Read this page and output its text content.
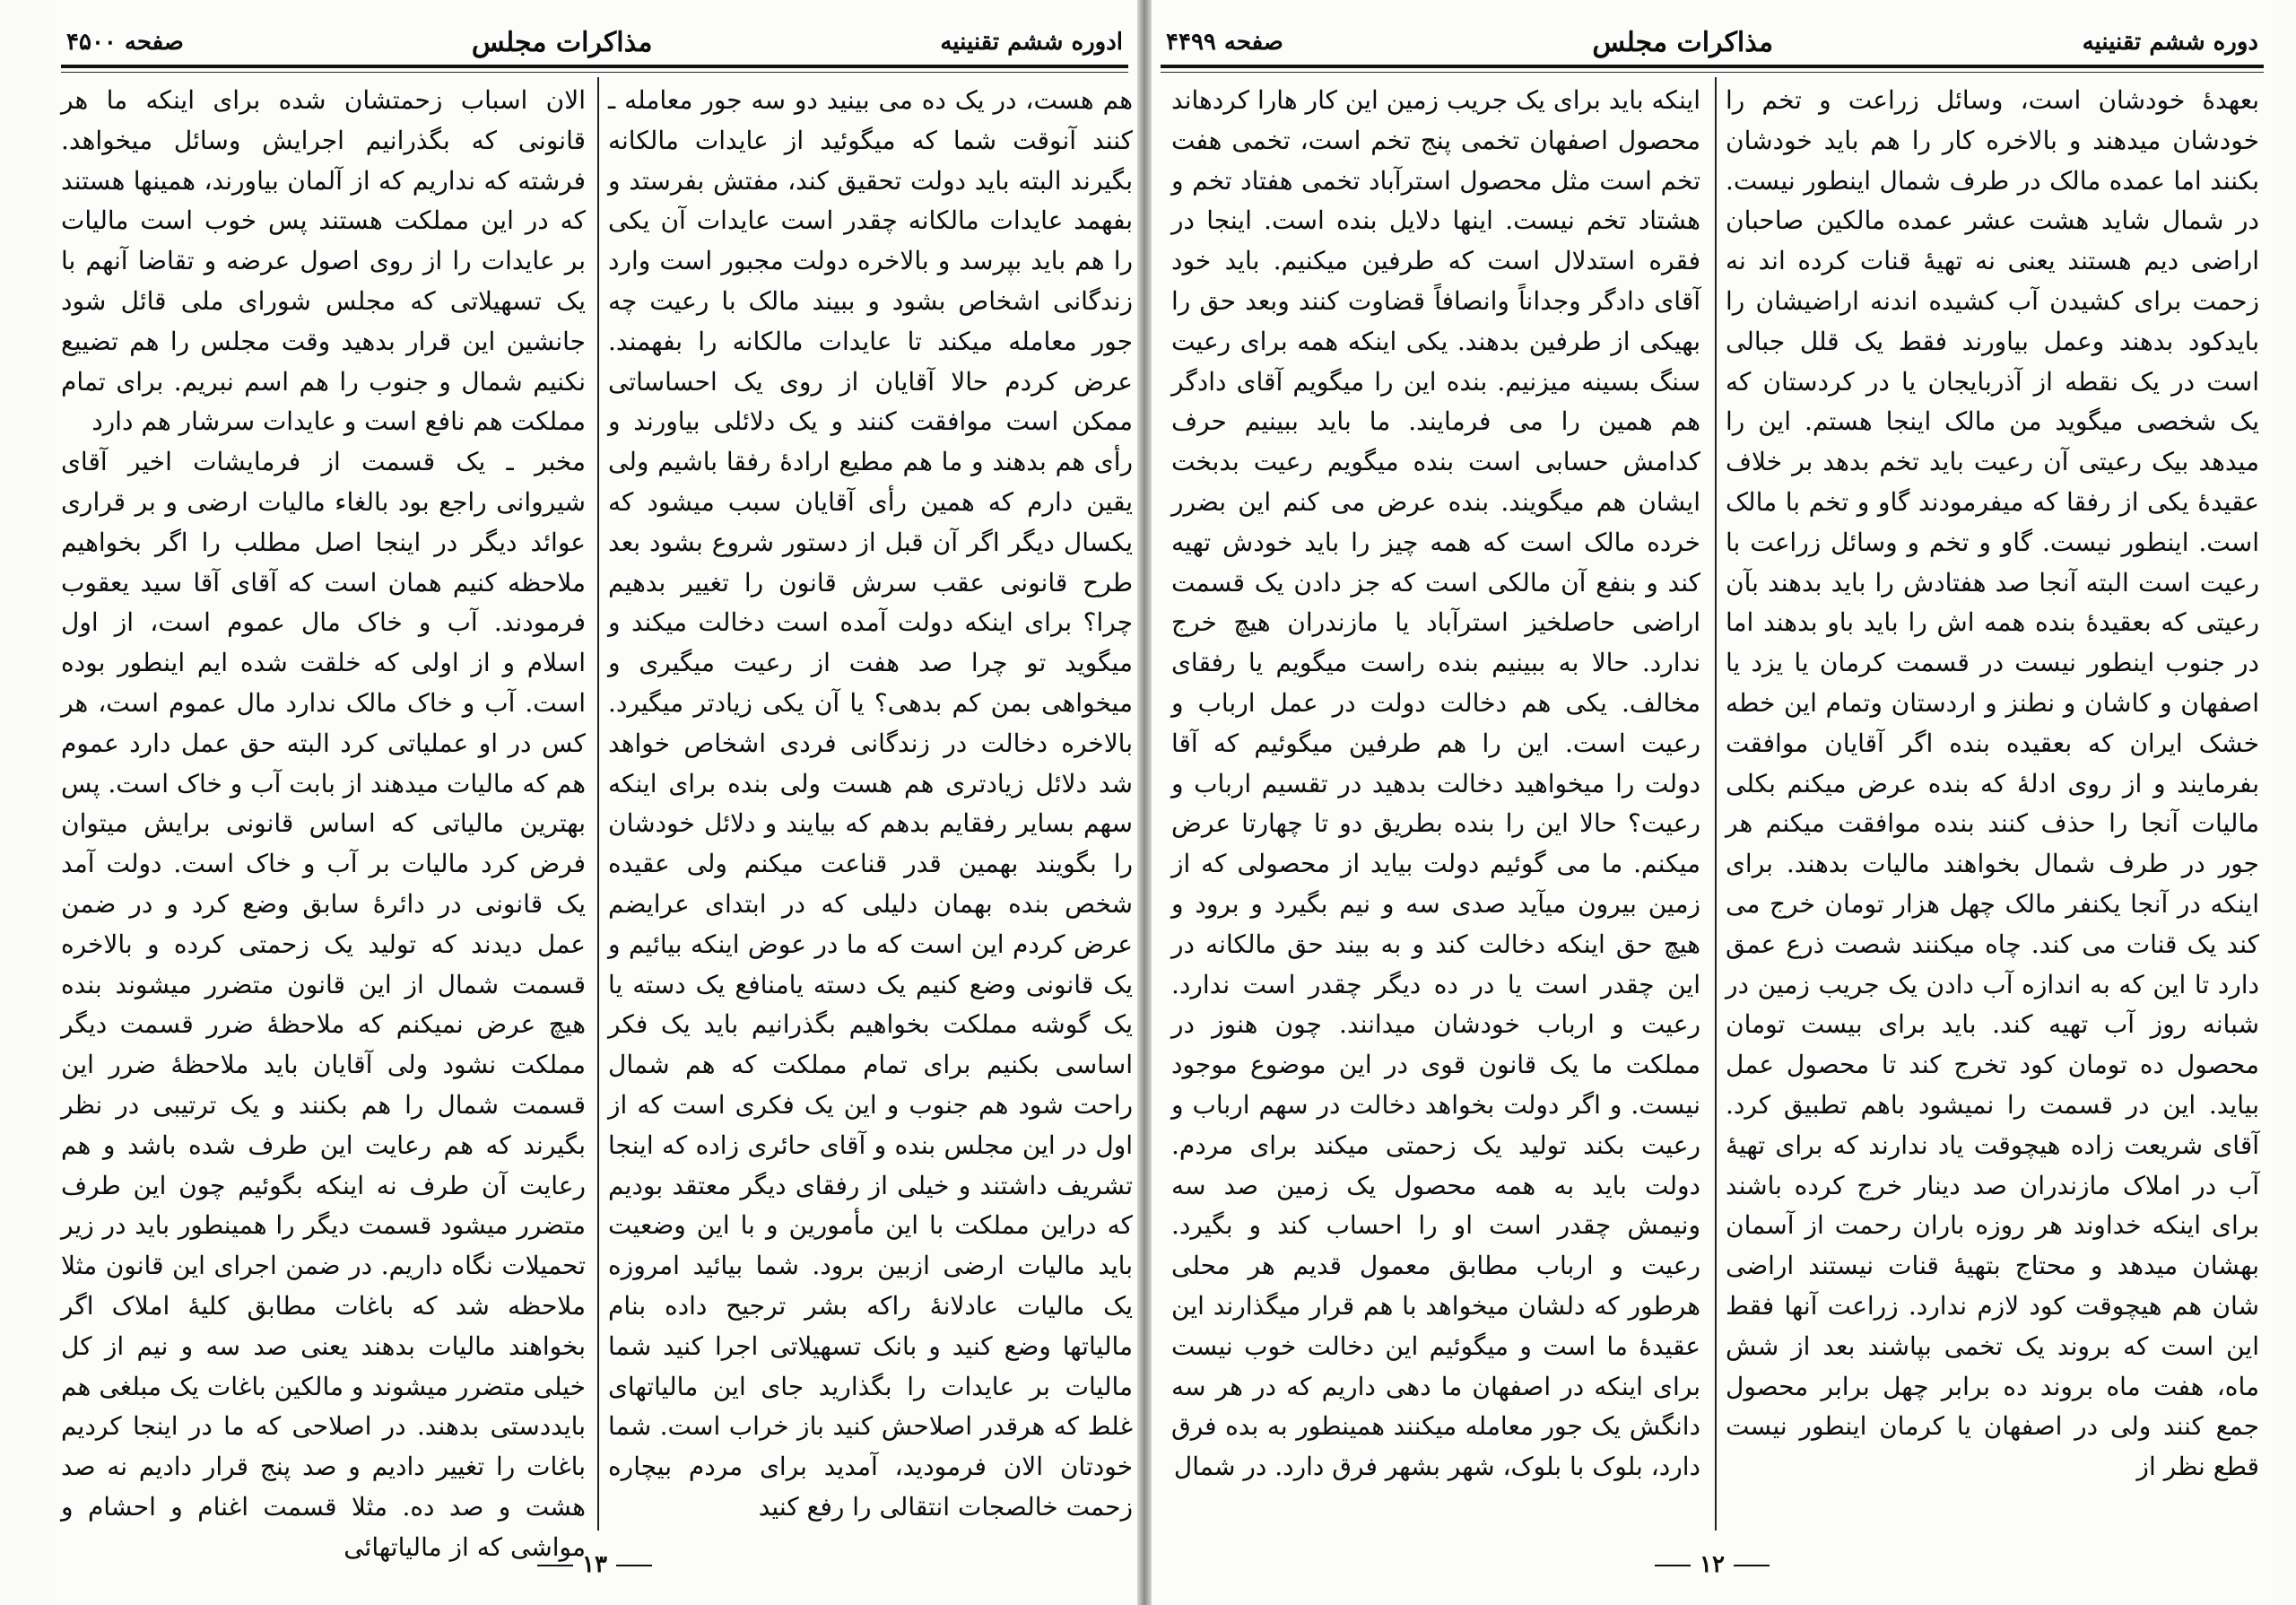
ادوره ششم تقنینیه
مذاکرات مجلس
صفحه ۴۵۰۰

هم هست، در یک ده می بینید دو سه جور معامله ـ کنند آنوقت شما که میگوئید از عایدات مالکانه بگیرند البته باید دولت تحقیق کند، مفتش بفرستد و بفهمد عایدات مالکانه چقدر است عایدات آن یکی را هم باید بپرسد و بالاخره دولت مجبور است وارد زندگانی اشخاص بشود و ببیند مالک با رعیت چه جور معامله میکند تا عایدات مالکانه را بفهمند. عرض کردم حالا آقایان از روی یک احساساتی ممکن است موافقت کنند و یک دلائلی بیاورند و رأی هم بدهند و ما هم مطیع ارادهٔ رفقا باشیم ولی یقین دارم که همین رأی آقایان سبب میشود که یکسال دیگر اگر آن قبل از دستور شروع بشود بعد طرح قانونی عقب سرش قانون را تغییر بدهیم چرا؟ برای اینکه دولت آمده است دخالت میکند و میگوید تو چرا صد هفت از رعیت میگیری و میخواهی بمن کم بدهی؟ یا آن یکی زیادتر میگیرد. بالاخره دخالت در زندگانی فردی اشخاص خواهد شد دلائل زیادتری هم هست ولی بنده برای اینکه سهم بسایر رفقایم بدهم که بیایند و دلائل خودشان را بگویند بهمین قدر قناعت میکنم ولی عقیده شخص بنده بهمان دلیلی که در ابتدای عرایضم عرض کردم این است که ما در عوض اینکه بیائیم و یک قانونی وضع کنیم یک دسته یامنافع یک دسته یا یک گوشه مملکت بخواهیم بگذرانیم باید یک فکر اساسی بکنیم برای تمام مملکت که هم شمال راحت شود هم جنوب و این یک فکری است که از اول در این مجلس بنده و آقای حائری زاده که اینجا تشریف داشتند و خیلی از رفقای دیگر معتقد بودیم که دراین مملکت با این مأمورین و با این وضعیت باید مالیات ارضی ازبین برود. شما بیائید امروزه یک مالیات عادلانهٔ راکه بشر ترجیح داده بنام مالیاتها وضع کنید و بانک تسهیلاتی اجرا کنید شما مالیات بر عایدات را بگذارید جای این مالیاتهای غلط که هرقدر اصلاحش کنید باز خراب است. شما خودتان الان فرمودید، آمدید برای مردم بیچاره زحمت خالصجات انتقالی را رفع کنید

الان اسباب زحمتشان شده برای اینکه ما هر قانونی که بگذرانیم اجرایش وسائل میخواهد. فرشته که نداریم که از آلمان بیاورند، همینها هستند که در این مملکت هستند پس خوب است مالیات بر عایدات را از روی اصول عرضه و تقاضا آنهم با یک تسهیلاتی که مجلس شورای ملی قائل شود جانشین این قرار بدهید وقت مجلس را هم تضییع نکنیم شمال و جنوب را هم اسم نبریم. برای تمام مملکت هم نافع است و عایدات سرشار هم دارد
مخبر ـ یک قسمت از فرمایشات اخیر آقای شیروانی راجع بود بالغاء مالیات ارضی و بر قراری عوائد دیگر در اینجا اصل مطلب را اگر بخواهیم ملاحظه کنیم همان است که آقای آقا سید یعقوب فرمودند. آب و خاک مال عموم است، از اول اسلام و از اولی که خلقت شده ایم اینطور بوده است. آب و خاک مالک ندارد مال عموم است، هر کس در او عملیاتی کرد البته حق عمل دارد عموم هم که مالیات میدهند از بابت آب و خاک است. پس بهترین مالیاتی که اساس قانونی برایش میتوان فرض کرد مالیات بر آب و خاک است. دولت آمد یک قانونی در دائرهٔ سابق وضع کرد و در ضمن عمل دیدند که تولید یک زحمتی کرده و بالاخره قسمت شمال از این قانون متضرر میشوند بنده هیچ عرض نمیکنم که ملاحظهٔ ضرر قسمت دیگر مملکت نشود ولی آقایان باید ملاحظهٔ ضرر این قسمت شمال را هم بکنند و یک ترتیبی در نظر بگیرند که هم رعایت این طرف شده باشد و هم رعایت آن طرف نه اینکه بگوئیم چون این طرف متضرر میشود قسمت دیگر را همینطور باید در زیر تحمیلات نگاه داریم. در ضمن اجرای این قانون مثلا ملاحظه شد که باغات مطابق کلیهٔ املاک اگر بخواهند مالیات بدهند یعنی صد سه و نیم از کل خیلی متضرر میشوند و مالکین باغات یک مبلغی هم بایددستی بدهند. در اصلاحی که ما در اینجا کردیم باغات را تغییر دادیم و صد پنج قرار دادیم نه صد هشت و صد ده. مثلا قسمت اغنام و احشام و مواشی که از مالیاتهائی

۱۳
دوره ششم تقنینیه
مذاکرات مجلس
صفحه ۴۴۹۹

بعهدهٔ خودشان است، وسائل زراعت و تخم را خودشان میدهند و بالاخره کار را هم باید خودشان بکنند اما عمده مالک در طرف شمال اینطور نیست. در شمال شاید هشت عشر عمده مالکین صاحبان اراضی دیم هستند یعنی نه تهیهٔ قنات کرده اند نه زحمت برای کشیدن آب کشیده اندنه اراضیشان را بایدکود بدهند وعمل بیاورند فقط یک قلل جبالی است در یک نقطه از آذربایجان یا در کردستان که یک شخصی میگوید من مالک اینجا هستم. این را میدهد بیک رعیتی آن رعیت باید تخم بدهد بر خلاف عقیدهٔ یکی از رفقا که میفرمودند گاو و تخم با مالک است. اینطور نیست. گاو و تخم و وسائل زراعت با رعیت است البته آنجا صد هفتادش را باید بدهند بآن رعیتی که بعقیدهٔ بنده همه اش را باید باو بدهند اما در جنوب اینطور نیست در قسمت کرمان یا یزد یا اصفهان و کاشان و نطنز و اردستان وتمام این خطه خشک ایران که بعقیده بنده اگر آقایان موافقت بفرمایند و از روی ادلهٔ که بنده عرض میکنم بکلی مالیات آنجا را حذف کنند بنده موافقت میکنم هر جور در طرف شمال بخواهند مالیات بدهند. برای اینکه در آنجا یکنفر مالک چهل هزار تومان خرج می کند یک قنات می کند. چاه میکنند شصت ذرع عمق دارد تا این که به اندازه آب دادن یک جریب زمین در شبانه روز آب تهیه کند. باید برای بیست تومان محصول ده تومان کود تخرج کند تا محصول عمل بیاید. این در قسمت را نمیشود باهم تطبیق کرد. آقای شریعت زاده هیچوقت یاد ندارند که برای تهیهٔ آب در املاک مازندران صد دینار خرج کرده باشند برای اینکه خداوند هر روزه باران رحمت از آسمان بهشان میدهد و محتاج بتهیهٔ قنات نیستند اراضی شان هم هیچوقت کود لازم ندارد. زراعت آنها فقط این است که بروند یک تخمی بپاشند بعد از شش ماه، هفت ماه بروند ده برابر چهل برابر محصول جمع کنند ولی در اصفهان یا کرمان اینطور نیست قطع نظر از

اینکه باید برای یک جریب زمین این کار هارا کردهاند محصول اصفهان تخمی پنج تخم است، تخمی هفت تخم است مثل محصول استرآباد تخمی هفتاد تخم و هشتاد تخم نیست. اینها دلایل بنده است. اینجا در فقره استدلال است که طرفین میکنیم. باید خود آقای دادگر وجداناً وانصافاً قضاوت کنند وبعد حق را بهیکی از طرفین بدهند. یکی اینکه همه برای رعیت سنگ بسینه میزنیم. بنده این را میگویم آقای دادگر هم همین را می فرمایند. ما باید ببینیم حرف کدامش حسابی است بنده میگویم رعیت بدبخت ایشان هم میگویند. بنده عرض می کنم این بضرر خرده مالک است که همه چیز را باید خودش تهیه کند و بنفع آن مالکی است که جز دادن یک قسمت اراضی حاصلخیز استرآباد یا مازندران هیچ خرج ندارد. حالا به ببینیم بنده راست میگویم یا رفقای مخالف. یکی هم دخالت دولت در عمل ارباب و رعیت است. این را هم طرفین میگوئیم که آقا دولت را میخواهید دخالت بدهید در تقسیم ارباب و رعیت؟ حالا این را بنده بطریق دو تا چهارتا عرض میکنم. ما می گوئیم دولت بیاید از محصولی که از زمین بیرون میآید صدی سه و نیم بگیرد و برود و هیچ حق اینکه دخالت کند و به بیند حق مالکانه در این چقدر است یا در ده دیگر چقدر است ندارد. رعیت و ارباب خودشان میدانند. چون هنوز در مملکت ما یک قانون قوی در این موضوع موجود نیست. و اگر دولت بخواهد دخالت در سهم ارباب و رعیت بکند تولید یک زحمتی میکند برای مردم. دولت باید به همه محصول یک زمین صد سه ونیمش چقدر است او را احساب کند و بگیرد. رعیت و ارباب مطابق معمول قدیم هر محلی هرطور که دلشان میخواهد با هم قرار میگذارند این عقیدهٔ ما است و میگوئیم این دخالت خوب نیست برای اینکه در اصفهان ما دهی داریم که در هر سه دانگش یک جور معامله میکنند همینطور به بده فرق دارد، بلوک با بلوک، شهر بشهر فرق دارد. در شمال

۱۲
